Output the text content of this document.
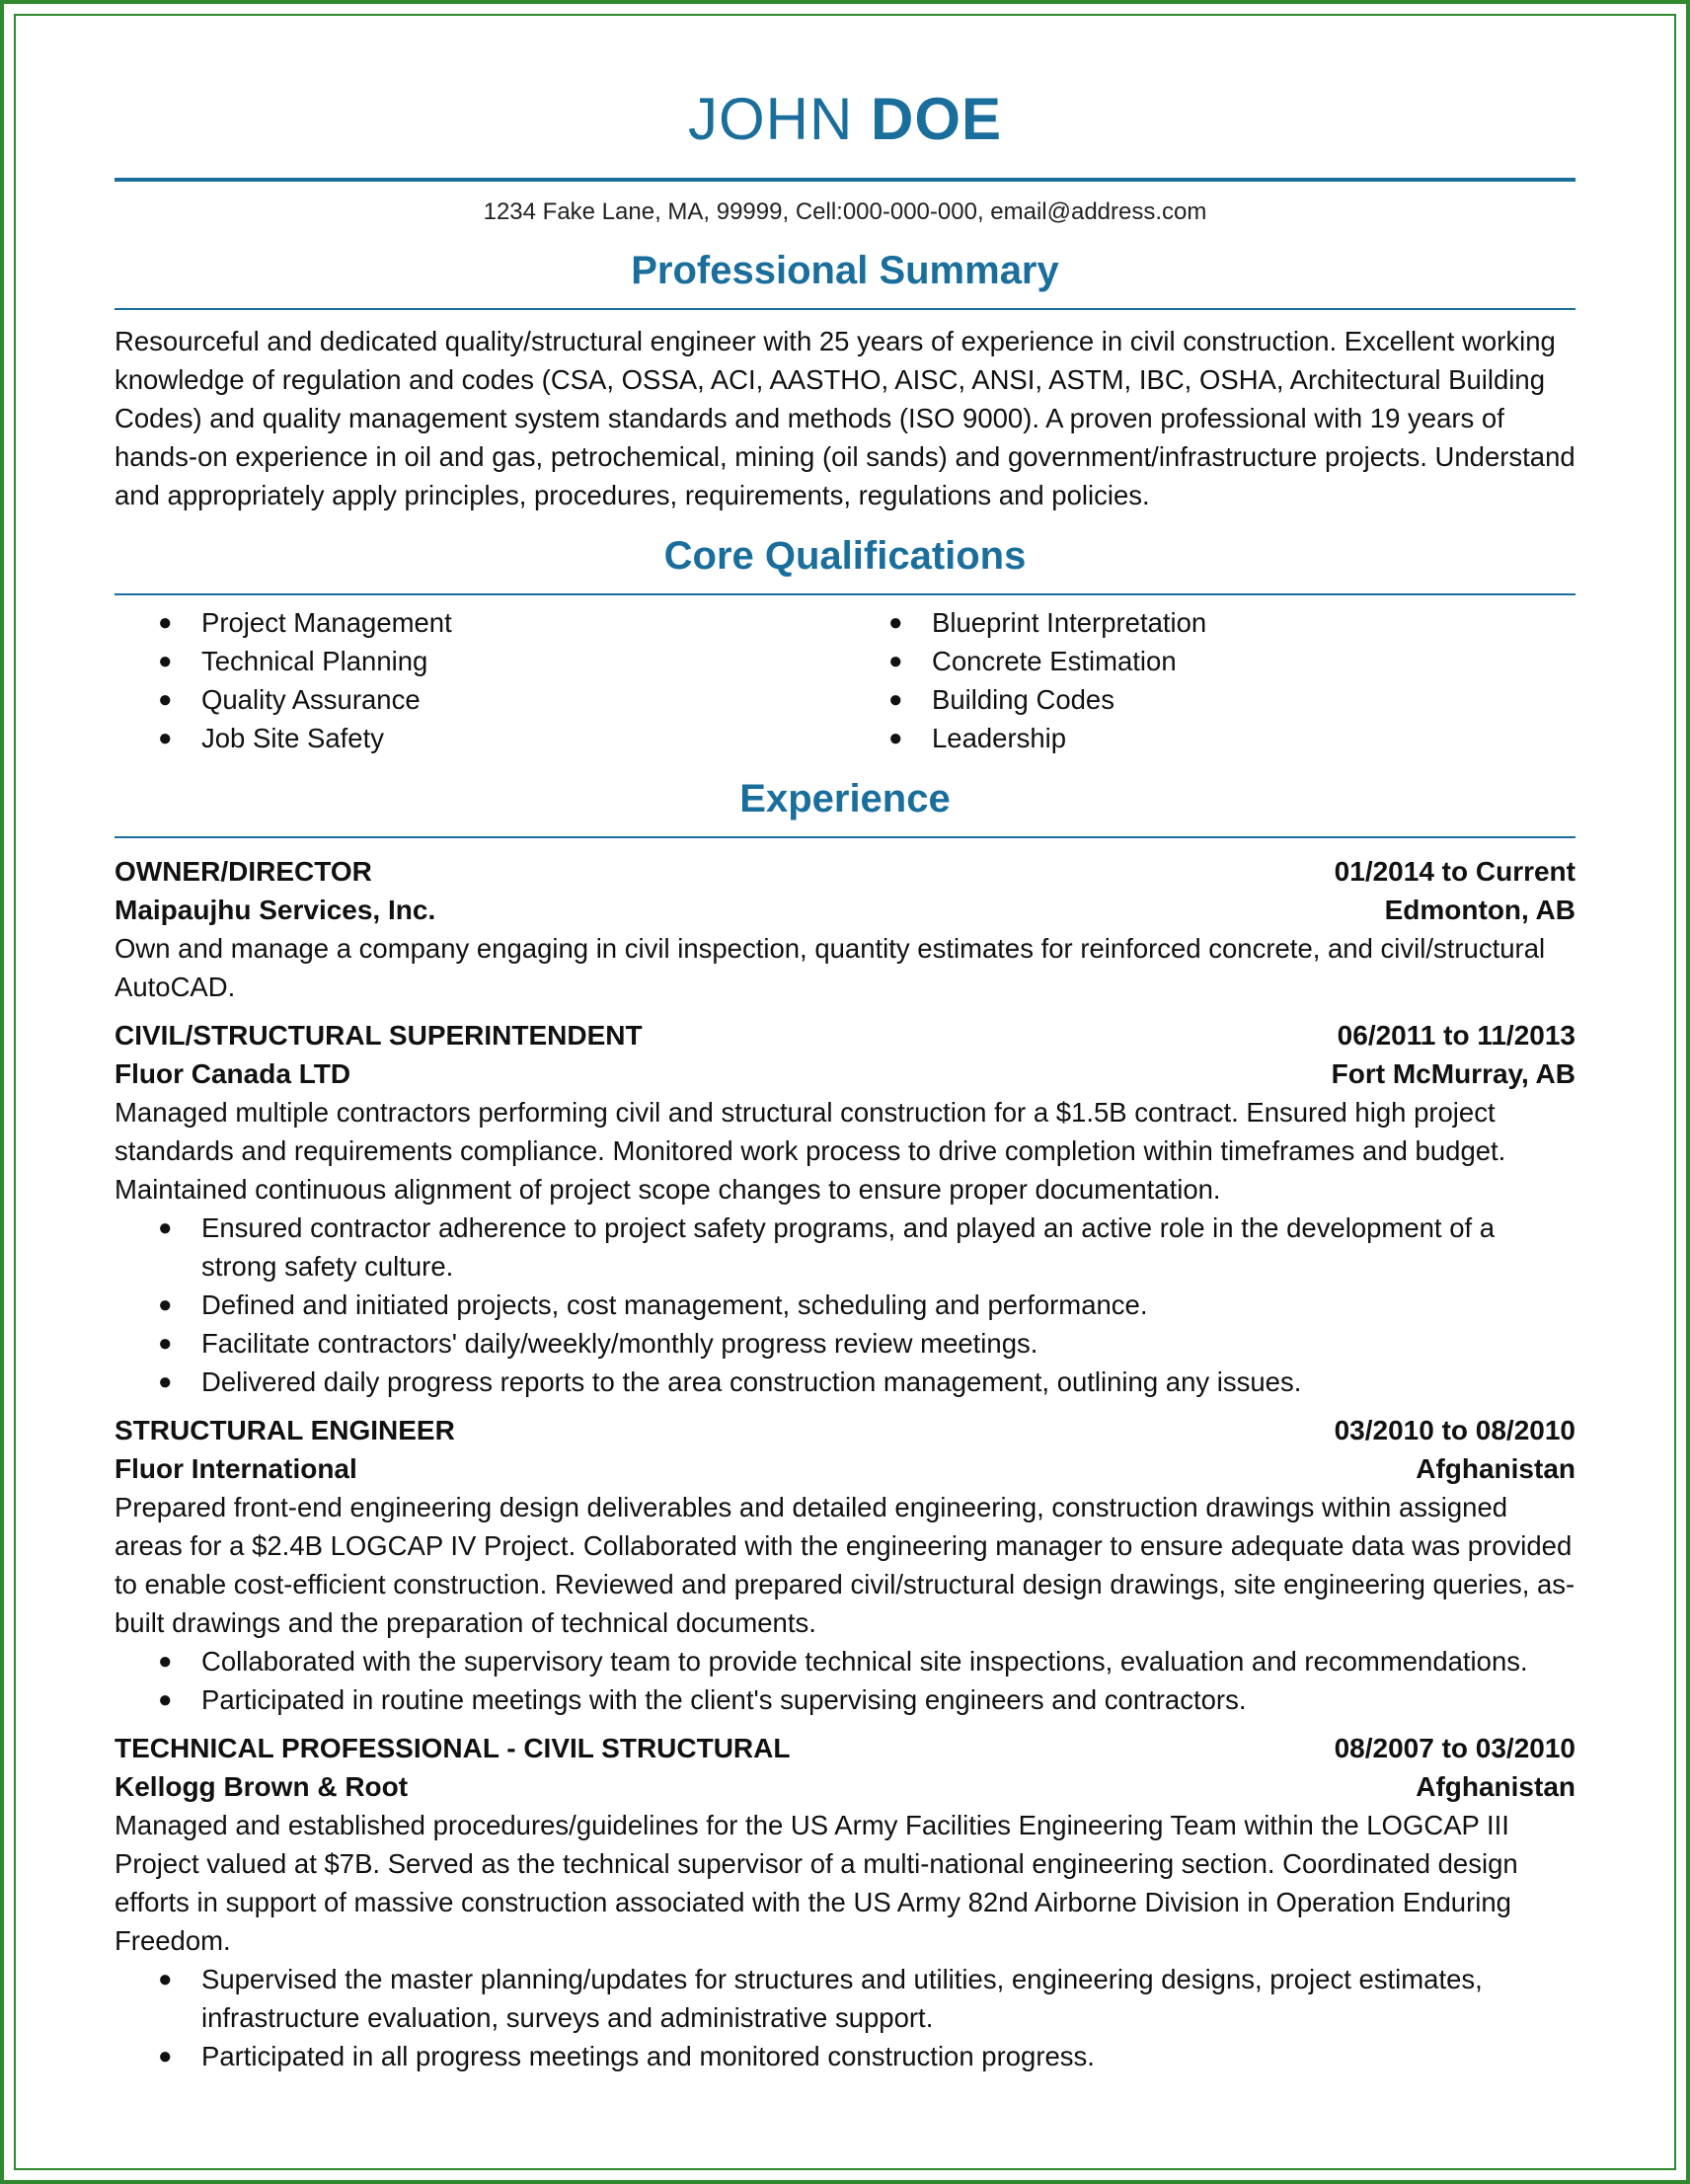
JOHN DOE
1234 Fake Lane, MA, 99999, Cell:000-000-000, email@address.com
Professional Summary

Resourceful and dedicated quality/structural engineer with 25 years of experience in civil construction. Excellent working knowledge of regulation and codes (CSA, OSSA, ACI, AASTHO, AISC, ANSI, ASTM, IBC, OSHA, Architectural Building Codes) and quality management system standards and methods (ISO 9000). A proven professional with 19 years of hands-on experience in oil and gas, petrochemical, mining (oil sands) and government/infrastructure projects. Understand and appropriately apply principles, procedures, requirements, regulations and policies.

Core Qualifications
● Project Management
● Technical Planning
● Quality Assurance
● Job Site Safety
● Blueprint Interpretation
● Concrete Estimation
● Building Codes
● Leadership
Experience
OWNER/DIRECTOR	01/2014 to Current
Maipaujhu Services, Inc.	Edmonton, AB
Own and manage a company engaging in civil inspection, quantity estimates for reinforced concrete, and civil/structural AutoCAD.
CIVIL/STRUCTURAL SUPERINTENDENT	06/2011 to 11/2013
Fluor Canada LTD	Fort McMurray, AB
Managed multiple contractors performing civil and structural construction for a $1.5B contract. Ensured high project standards and requirements compliance. Monitored work process to drive completion within timeframes and budget. Maintained continuous alignment of project scope changes to ensure proper documentation.
● Ensured contractor adherence to project safety programs, and played an active role in the development of a strong safety culture.
● Defined and initiated projects, cost management, scheduling and performance.
● Facilitate contractors' daily/weekly/monthly progress review meetings.
● Delivered daily progress reports to the area construction management, outlining any issues.
STRUCTURAL ENGINEER	03/2010 to 08/2010
Fluor International	Afghanistan
Prepared front-end engineering design deliverables and detailed engineering, construction drawings within assigned areas for a $2.4B LOGCAP IV Project. Collaborated with the engineering manager to ensure adequate data was provided to enable cost-efficient construction. Reviewed and prepared civil/structural design drawings, site engineering queries, as-built drawings and the preparation of technical documents.
● Collaborated with the supervisory team to provide technical site inspections, evaluation and recommendations.
● Participated in routine meetings with the client's supervising engineers and contractors.
TECHNICAL PROFESSIONAL - CIVIL STRUCTURAL	08/2007 to 03/2010
Kellogg Brown & Root	Afghanistan
Managed and established procedures/guidelines for the US Army Facilities Engineering Team within the LOGCAP III Project valued at $7B. Served as the technical supervisor of a multi-national engineering section. Coordinated design efforts in support of massive construction associated with the US Army 82nd Airborne Division in Operation Enduring Freedom.
● Supervised the master planning/updates for structures and utilities, engineering designs, project estimates, infrastructure evaluation, surveys and administrative support.
● Participated in all progress meetings and monitored construction progress.
